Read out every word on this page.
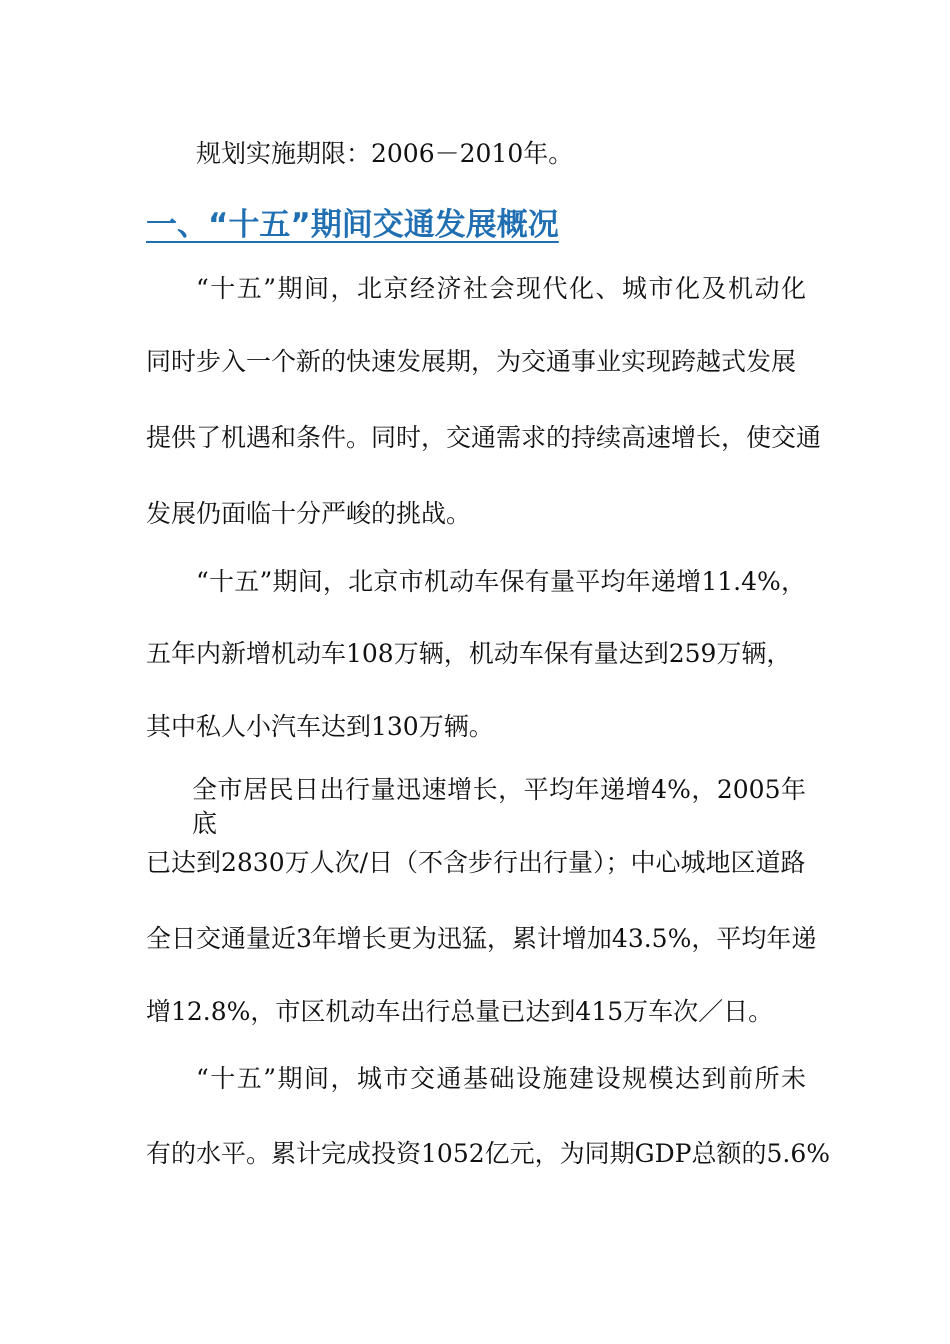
规划实施期限：2006－2010年。
一、“十五”期间交通发展概况
“十五”期间，北京经济社会现代化、城市化及机动化
同时步入一个新的快速发展期，为交通事业实现跨越式发展
提供了机遇和条件。同时，交通需求的持续高速增长，使交通
发展仍面临十分严峻的挑战。
“十五”期间，北京市机动车保有量平均年递增11.4%，
五年内新增机动车108万辆，机动车保有量达到259万辆，
其中私人小汽车达到130万辆。
全市居民日出行量迅速增长，平均年递增4%，2005年底
已达到2830万人次/日（不含步行出行量）；中心城地区道路
全日交通量近3年增长更为迅猛，累计增加43.5%，平均年递
增12.8%，市区机动车出行总量已达到415万车次／日。
“十五”期间，城市交通基础设施建设规模达到前所未
有的水平。累计完成投资1052亿元，为同期GDP总额的5.6%
